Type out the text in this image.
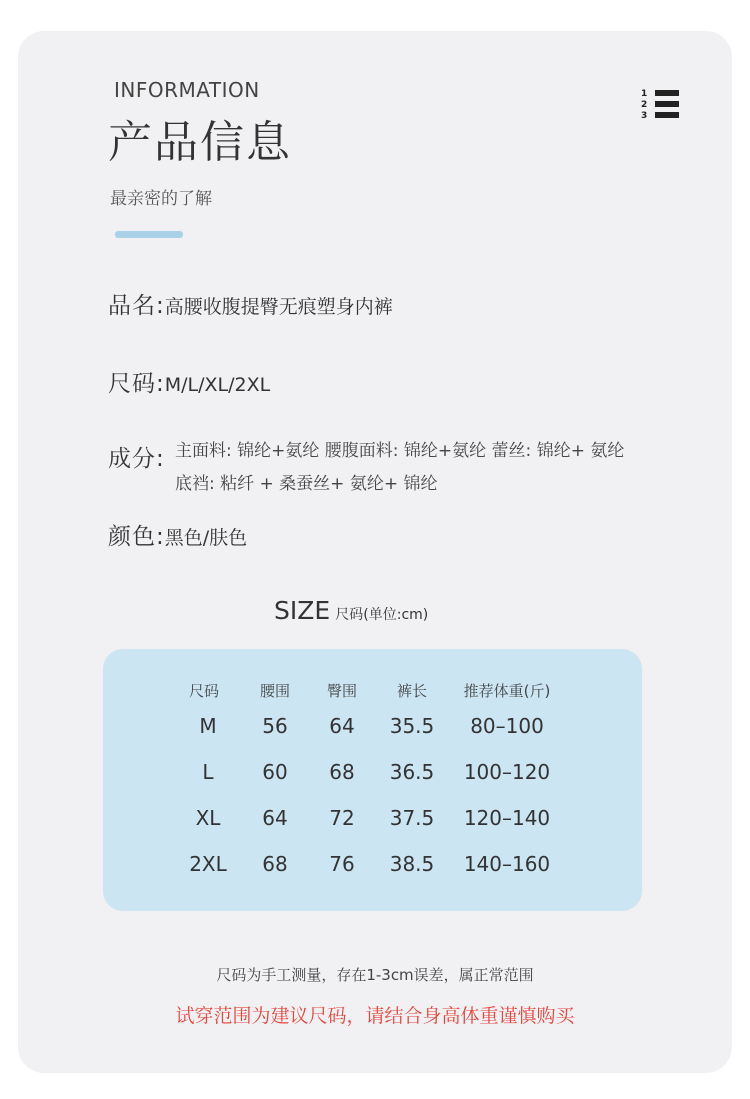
INFORMATION
产品信息
最亲密的了解
1
2
3
品名:高腰收腹提臀无痕塑身内裤
尺码:M/L/XL/2XL
成分: 主面料: 锦纶+氨纶 腰腹面料: 锦纶+氨纶 蕾丝: 锦纶+ 氨纶
底裆: 粘纤 + 桑蚕丝+ 氨纶+ 锦纶
颜色:黑色/肤色
SIZE 尺码(单位:cm)
尺码	腰围	臀围	裤长	推荐体重(斤)
M	56	64	35.5	80–100
L	60	68	36.5	100–120
XL	64	72	37.5	120–140
2XL	68	76	38.5	140–160
尺码为手工测量，存在1-3cm误差，属正常范围
试穿范围为建议尺码，请结合身高体重谨慎购买
